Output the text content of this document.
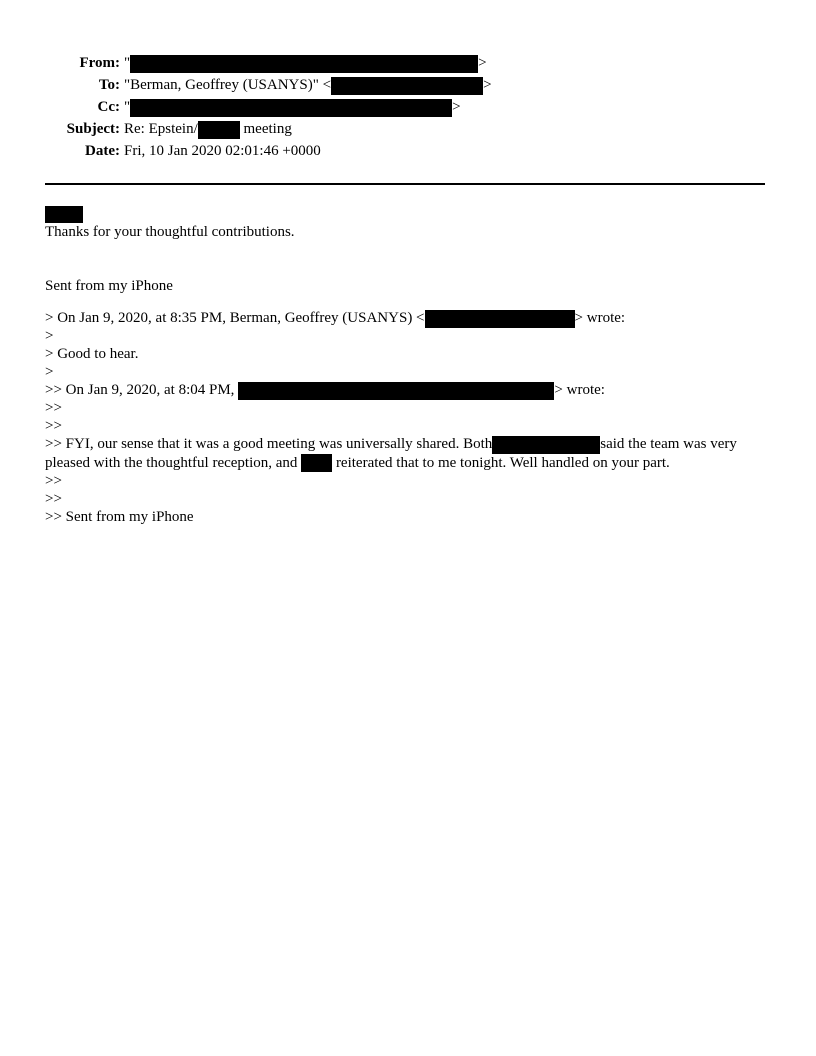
From: "	>
To: "Berman, Geoffrey (USANYS)" <	>
Cc: "	>
Subject: Re: Epstein/	meeting
Date: Fri, 10 Jan 2020 02:01:46 +0000
Thanks for your thoughtful contributions.
Sent from my iPhone
> On Jan 9, 2020, at 8:35 PM, Berman, Geoffrey (USANYS) <	> wrote:
>
> Good to hear.
>
>> On Jan 9, 2020, at 8:04 PM,	> wrote:
>>
>>
>> FYI, our sense that it was a good meeting was universally shared. Both	said the team was very pleased with the thoughtful reception, and  reiterated that to me tonight. Well handled on your part.
>>
>>
>> Sent from my iPhone
